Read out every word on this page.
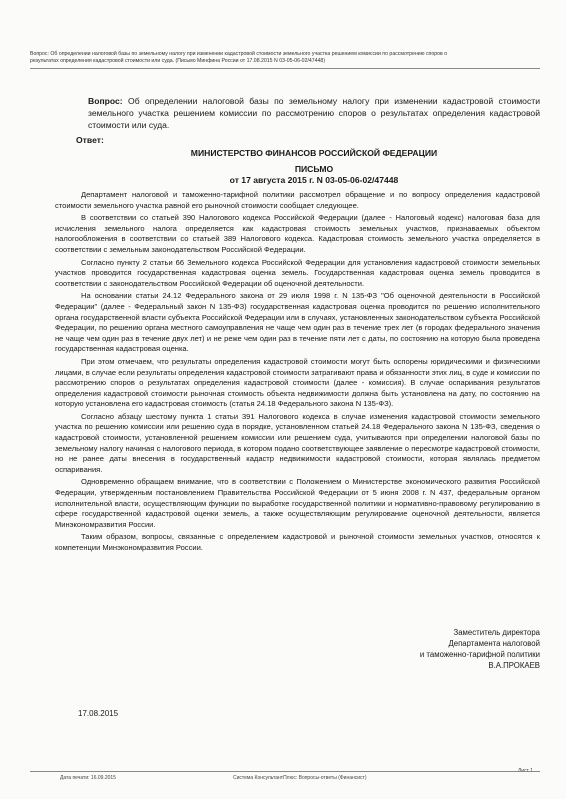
Вопрос: Об определении налоговой базы по земельному налогу при изменении кадастровой стоимости земельного участка решением комиссии по рассмотрению споров о
результатах определения кадастровой стоимости или суда. (Письмо Минфина России от 17.08.2015 N 03-05-06-02/47448)
Вопрос: Об определении налоговой базы по земельному налогу при изменении кадастровой стоимости земельного участка решением комиссии по рассмотрению споров о результатах определения кадастровой стоимости или суда.
Ответ:
МИНИСТЕРСТВО ФИНАНСОВ РОССИЙСКОЙ ФЕДЕРАЦИИ
ПИСЬМО
от 17 августа 2015 г. N 03-05-06-02/47448

Департамент налоговой и таможенно-тарифной политики рассмотрел обращение и по вопросу определения кадастровой стоимости земельного участка равной его рыночной стоимости сообщает следующее.

В соответствии со статьей 390 Налогового кодекса Российской Федерации (далее - Налоговый кодекс) налоговая база для исчисления земельного налога определяется как кадастровая стоимость земельных участков, признаваемых объектом налогообложения в соответствии со статьей 389 Налогового кодекса. Кадастровая стоимость земельного участка определяется в соответствии с земельным законодательством Российской Федерации.

Согласно пункту 2 статьи 66 Земельного кодекса Российской Федерации для установления кадастровой стоимости земельных участков проводится государственная кадастровая оценка земель. Государственная кадастровая оценка земель проводится в соответствии с законодательством Российской Федерации об оценочной деятельности.

На основании статьи 24.12 Федерального закона от 29 июля 1998 г. N 135-ФЗ "Об оценочной деятельности в Российской Федерации" (далее - Федеральный закон N 135-ФЗ) государственная кадастровая оценка проводится по решению исполнительного органа государственной власти субъекта Российской Федерации или в случаях, установленных законодательством субъекта Российской Федерации, по решению органа местного самоуправления не чаще чем один раз в течение трех лет (в городах федерального значения не чаще чем один раз в течение двух лет) и не реже чем один раз в течение пяти лет с даты, по состоянию на которую была проведена государственная кадастровая оценка.

При этом отмечаем, что результаты определения кадастровой стоимости могут быть оспорены юридическими и физическими лицами, в случае если результаты определения кадастровой стоимости затрагивают права и обязанности этих лиц, в суде и комиссии по рассмотрению споров о результатах определения кадастровой стоимости (далее - комиссия). В случае оспаривания результатов определения кадастровой стоимости рыночная стоимость объекта недвижимости должна быть установлена на дату, по состоянию на которую установлена его кадастровая стоимость (статья 24.18 Федерального закона N 135-ФЗ).

Согласно абзацу шестому пункта 1 статьи 391 Налогового кодекса в случае изменения кадастровой стоимости земельного участка по решению комиссии или решению суда в порядке, установленном статьей 24.18 Федерального закона N 135-ФЗ, сведения о кадастровой стоимости, установленной решением комиссии или решением суда, учитываются при определении налоговой базы по земельному налогу начиная с налогового периода, в котором подано соответствующее заявление о пересмотре кадастровой стоимости, но не ранее даты внесения в государственный кадастр недвижимости кадастровой стоимости, которая являлась предметом оспаривания.

Одновременно обращаем внимание, что в соответствии с Положением о Министерстве экономического развития Российской Федерации, утвержденным постановлением Правительства Российской Федерации от 5 июня 2008 г. N 437, федеральным органом исполнительной власти, осуществляющим функции по выработке государственной политики и нормативно-правовому регулированию в сфере государственной кадастровой оценки земель, а также осуществляющим регулирование оценочной деятельности, является Минэкономразвития России.

Таким образом, вопросы, связанные с определением кадастровой и рыночной стоимости земельных участков, относятся к компетенции Минэкономразвития России.

Заместитель директора
Департамента налоговой
и таможенно-тарифной политики
В.А.ПРОКАЕВ
17.08.2015
Лист 1
Дата печати: 16.09.2015	Система КонсультантПлюс: Вопросы-ответы (Финансист)
